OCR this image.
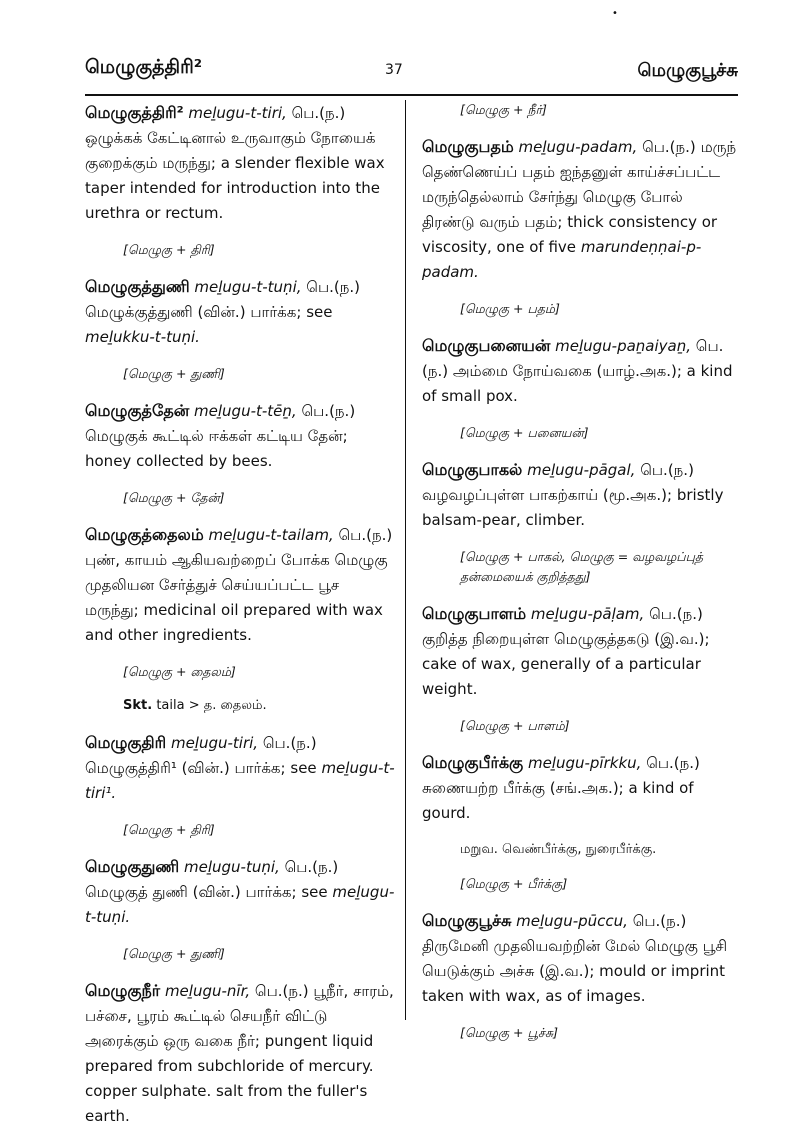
•
மெழுகுத்திரி²	37	மெழுகுபூச்சு
மெழுகுத்திரி² meḻugu-t-tiri, பெ.(ந.) ஒழுக்கக் கேட்டினால் உருவாகும் நோயைக் குறைக்கும் மருந்து; a slender flexible wax taper intended for introduction into the urethra or rectum.
[மெழுகு + திரி]
மெழுகுத்துணி meḻugu-t-tuṇi, பெ.(ந.) மெழுக்குத்துணி (வின்.) பார்க்க; see meḻukku-t-tuṇi.
[மெழுகு + துணி]
மெழுகுத்தேன் meḻugu-t-tēṉ, பெ.(ந.) மெழுகுக் கூட்டில் ஈக்கள் கட்டிய தேன்; honey collected by bees.
[மெழுகு + தேன்]
மெழுகுத்தைலம் meḻugu-t-tailam, பெ.(ந.) புண், காயம் ஆகியவற்றைப் போக்க மெழுகு முதலியன சேர்த்துச் செய்யப்பட்ட பூச மருந்து; medicinal oil prepared with wax and other ingredients.
[மெழுகு + தைலம்]
Skt. taila > த. தைலம்.
மெழுகுதிரி meḻugu-tiri, பெ.(ந.) மெழுகுத்திரி¹ (வின்.) பார்க்க; see meḻugu-t-tiri¹.
[மெழுகு + திரி]
மெழுகுதுணி meḻugu-tuṇi, பெ.(ந.) மெழுகுத் துணி (வின்.) பார்க்க; see meḻugu-t-tuṇi.
[மெழுகு + துணி]
மெழுகுநீர் meḻugu-nīr, பெ.(ந.) பூநீர், சாரம், பச்சை, பூரம் கூட்டில் செயநீர் விட்டு அரைக்கும் ஒரு வகை நீர்; pungent liquid prepared from subchloride of mercury. copper sulphate. salt from the fuller's earth.
[மெழுகு + நீர்]
மெழுகுபதம் meḻugu-padam, பெ.(ந.) மருந் தெண்ணெய்ப் பதம் ஐந்தனுள் காய்ச்சப்பட்ட மருந்தெல்லாம் சேர்ந்து மெழுகு போல் திரண்டு வரும் பதம்; thick consistency or viscosity, one of five marundeṇṇai-p-padam.
[மெழுகு + பதம்]
மெழுகுபனையன் meḻugu-paṉaiyaṉ, பெ.(ந.) அம்மை நோய்வகை (யாழ்.அக.); a kind of small pox.
[மெழுகு + பனையன்]
மெழுகுபாகல் meḻugu-pāgal, பெ.(ந.) வழவழப்புள்ள பாகற்காய் (மூ.அக.); bristly balsam-pear, climber.
[மெழுகு + பாகல், மெழுகு = வழவழப்புத் தன்மையைக் குறித்தது]
மெழுகுபாளம் meḻugu-pāḷam, பெ.(ந.) குறித்த நிறையுள்ள மெழுகுத்தகடு (இ.வ.); cake of wax, generally of a particular weight.
[மெழுகு + பாளம்]
மெழுகுபீர்க்கு meḻugu-pīrkku, பெ.(ந.) சுணையற்ற பீர்க்கு (சங்.அக.); a kind of gourd.
மறுவ. வெண்பீர்க்கு, நுரைபீர்க்கு.
[மெழுகு + பீர்க்கு]
மெழுகுபூச்சு meḻugu-pūccu, பெ.(ந.) திருமேனி முதலியவற்றின் மேல் மெழுகு பூசி யெடுக்கும் அச்சு (இ.வ.); mould or imprint taken with wax, as of images.
[மெழுகு + பூச்சு]
